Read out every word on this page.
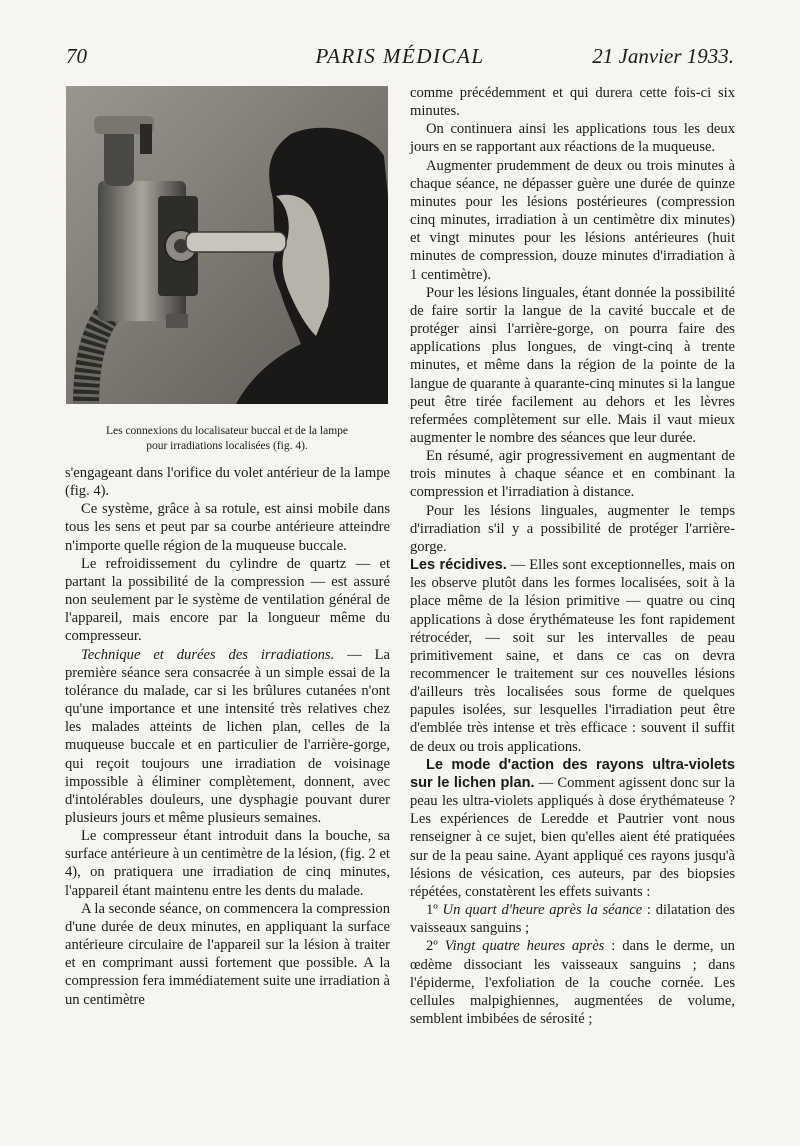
70	PARIS MÉDICAL	21 Janvier 1933.
Les connexions du localisateur buccal et de la lampe
pour irradiations localisées (fig. 4).

s'engageant dans l'orifice du volet antérieur de la lampe (fig. 4).

Ce système, grâce à sa rotule, est ainsi mobile dans tous les sens et peut par sa courbe antérieure atteindre n'importe quelle région de la muqueuse buccale.

Le refroidissement du cylindre de quartz — et partant la possibilité de la compression — est assuré non seulement par le système de ventilation général de l'appareil, mais encore par la longueur même du compresseur.

Technique et durées des irradiations. — La première séance sera consacrée à un simple essai de la tolérance du malade, car si les brûlures cutanées n'ont qu'une importance et une intensité très relatives chez les malades atteints de lichen plan, celles de la muqueuse buccale et en particulier de l'arrière-gorge, qui reçoit toujours une irradiation de voisinage impossible à éliminer complètement, donnent, avec d'intolérables douleurs, une dysphagie pouvant durer plusieurs jours et même plusieurs semaines.

Le compresseur étant introduit dans la bouche, sa surface antérieure à un centimètre de la lésion, (fig. 2 et 4), on pratiquera une irradiation de cinq minutes, l'appareil étant maintenu entre les dents du malade.

A la seconde séance, on commencera la compression d'une durée de deux minutes, en appliquant la surface antérieure circulaire de l'appareil sur la lésion à traiter et en comprimant aussi fortement que possible. A la compression fera immédiatement suite une irradiation à un centimètre

comme précédemment et qui durera cette fois-ci six minutes.

On continuera ainsi les applications tous les deux jours en se rapportant aux réactions de la muqueuse.

Augmenter prudemment de deux ou trois minutes à chaque séance, ne dépasser guère une durée de quinze minutes pour les lésions postérieures (compression cinq minutes, irradiation à un centimètre dix minutes) et vingt minutes pour les lésions antérieures (huit minutes de compression, douze minutes d'irradiation à 1 centimètre).

Pour les lésions linguales, étant donnée la possibilité de faire sortir la langue de la cavité buccale et de protéger ainsi l'arrière-gorge, on pourra faire des applications plus longues, de vingt-cinq à trente minutes, et même dans la région de la pointe de la langue de quarante à quarante-cinq minutes si la langue peut être tirée facilement au dehors et les lèvres refermées complètement sur elle. Mais il vaut mieux augmenter le nombre des séances que leur durée.

En résumé, agir progressivement en augmentant de trois minutes à chaque séance et en combinant la compression et l'irradiation à distance.

Pour les lésions linguales, augmenter le temps d'irradiation s'il y a possibilité de protéger l'arrière-gorge.

Les récidives. — Elles sont exceptionnelles, mais on les observe plutôt dans les formes localisées, soit à la place même de la lésion primitive — quatre ou cinq applications à dose érythémateuse les font rapidement rétrocéder, — soit sur les intervalles de peau primitivement saine, et dans ce cas on devra recommencer le traitement sur ces nouvelles lésions d'ailleurs très localisées sous forme de quelques papules isolées, sur lesquelles l'irradiation peut être d'emblée très intense et très efficace : souvent il suffit de deux ou trois applications.

Le mode d'action des rayons ultra-violets sur le lichen plan. — Comment agissent donc sur la peau les ultra-violets appliqués à dose érythémateuse ? Les expériences de Leredde et Pautrier vont nous renseigner à ce sujet, bien qu'elles aient été pratiquées sur de la peau saine. Ayant appliqué ces rayons jusqu'à lésions de vésication, ces auteurs, par des biopsies répétées, constatèrent les effets suivants :

1º Un quart d'heure après la séance : dilatation des vaisseaux sanguins ;

2º Vingt quatre heures après : dans le derme, un œdème dissociant les vaisseaux sanguins ; dans l'épiderme, l'exfoliation de la couche cornée. Les cellules malpighiennes, augmentées de volume, semblent imbibées de sérosité ;
